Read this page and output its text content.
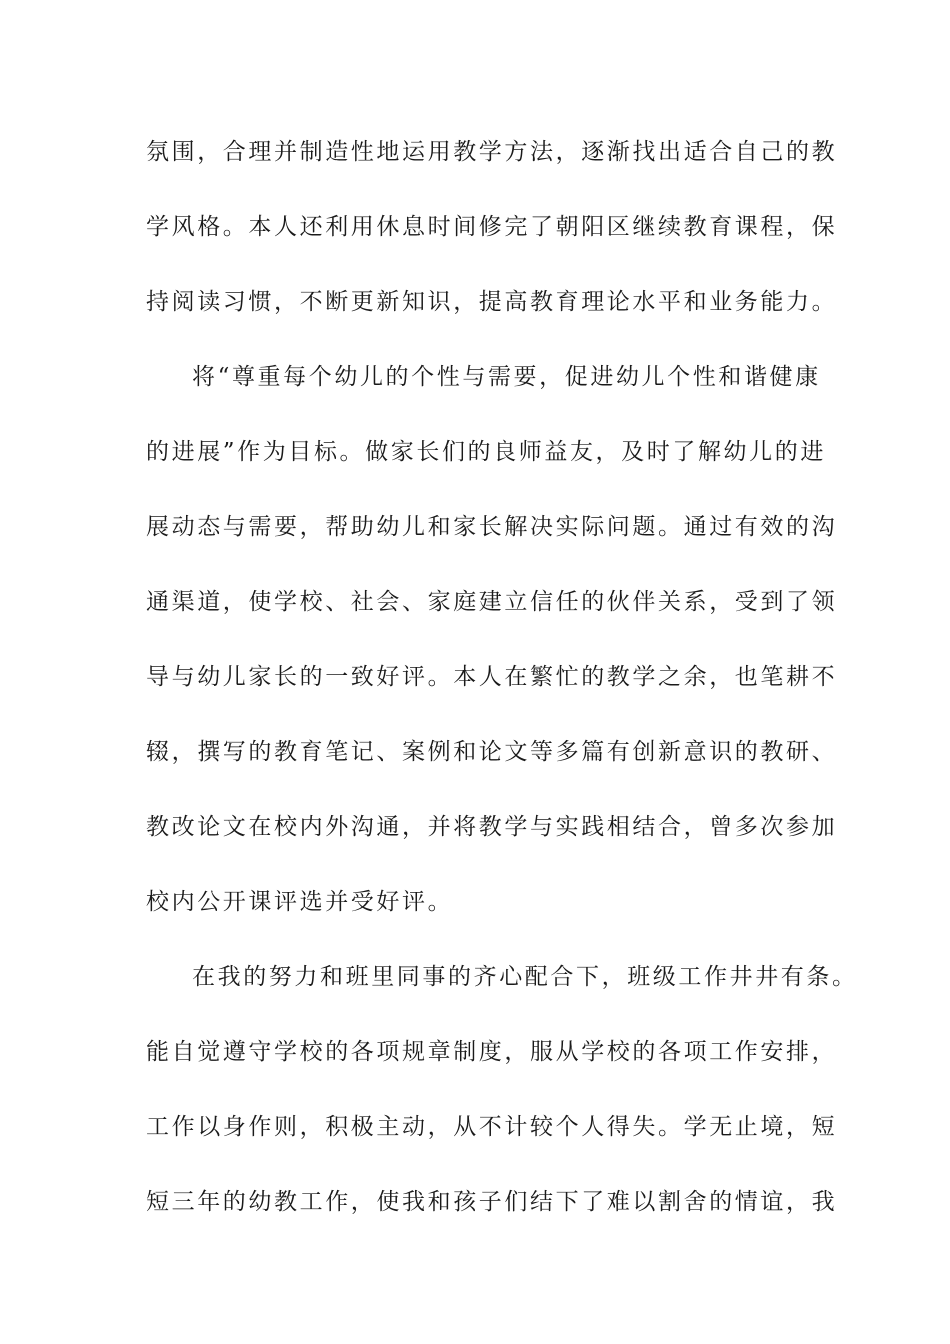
氛围，合理并制造性地运用教学方法，逐渐找出适合自己的教
学风格。本人还利用休息时间修完了朝阳区继续教育课程，保
持阅读习惯，不断更新知识，提高教育理论水平和业务能力。
将“尊重每个幼儿的个性与需要，促进幼儿个性和谐健康
的进展”作为目标。做家长们的良师益友，及时了解幼儿的进
展动态与需要，帮助幼儿和家长解决实际问题。通过有效的沟
通渠道，使学校、社会、家庭建立信任的伙伴关系，受到了领
导与幼儿家长的一致好评。本人在繁忙的教学之余，也笔耕不
辍，撰写的教育笔记、案例和论文等多篇有创新意识的教研、
教改论文在校内外沟通，并将教学与实践相结合，曾多次参加
校内公开课评选并受好评。
在我的努力和班里同事的齐心配合下，班级工作井井有条。
能自觉遵守学校的各项规章制度，服从学校的各项工作安排，
工作以身作则，积极主动，从不计较个人得失。学无止境，短
短三年的幼教工作，使我和孩子们结下了难以割舍的情谊，我
